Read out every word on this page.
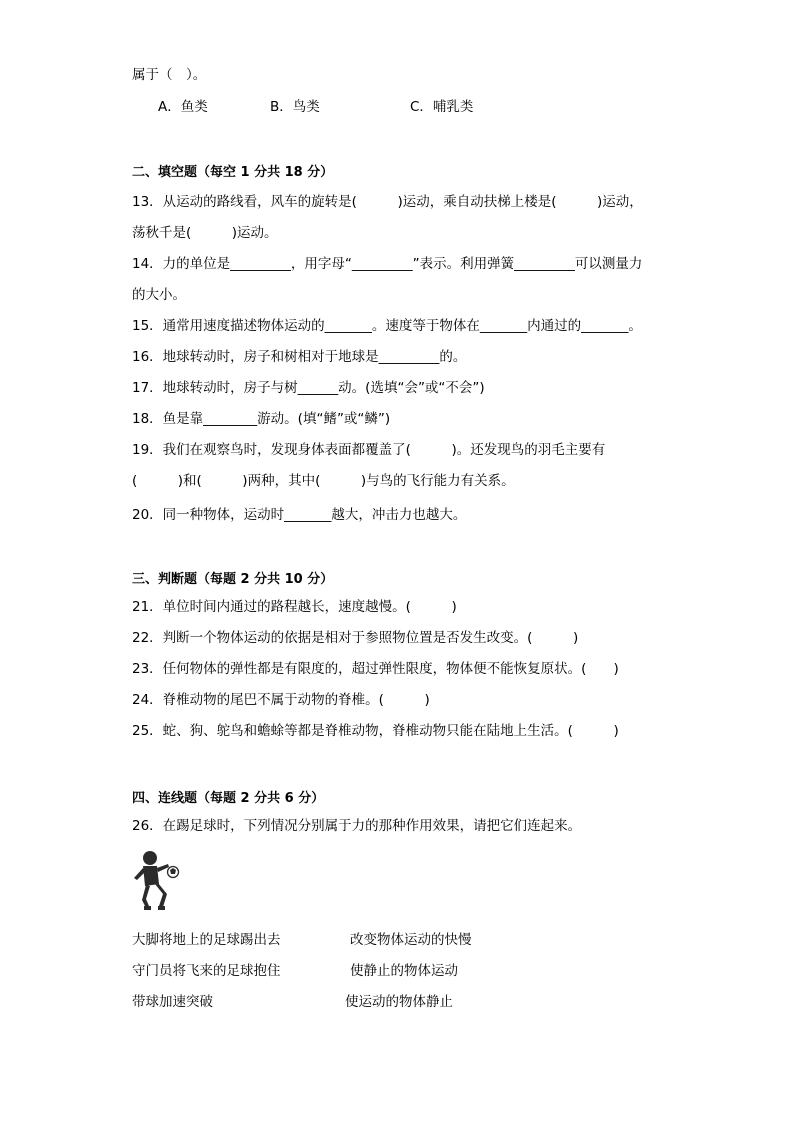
属于（　）。
A．鱼类	B．鸟类	C．哺乳类
二、填空题（每空 1 分共 18 分）
13．从运动的路线看，风车的旋转是(　　　)运动，乘自动扶梯上楼是(　　　)运动，
荡秋千是(　　　)运动。
14．力的单位是_________，用字母“_________”表示。利用弹簧_________可以测量力
的大小。
15．通常用速度描述物体运动的_______。速度等于物体在_______内通过的_______。
16．地球转动时，房子和树相对于地球是_________的。
17．地球转动时，房子与树______动。(选填“会”或“不会”)
18．鱼是靠________游动。(填“鳍”或“鳞”)
19．我们在观察鸟时，发现身体表面都覆盖了(　　　)。还发现鸟的羽毛主要有
(　　　)和(　　　)两种，其中(　　　)与鸟的飞行能力有关系。
20．同一种物体，运动时_______越大，冲击力也越大。
三、判断题（每题 2 分共 10 分）
21．单位时间内通过的路程越长，速度越慢。(　　　)
22．判断一个物体运动的依据是相对于参照物位置是否发生改变。(　　　)
23．任何物体的弹性都是有限度的，超过弹性限度，物体便不能恢复原状。(　　)
24．脊椎动物的尾巴不属于动物的脊椎。(　　　)
25．蛇、狗、鸵鸟和蟾蜍等都是脊椎动物，脊椎动物只能在陆地上生活。(　　　)
四、连线题（每题 2 分共 6 分）
26．在踢足球时，下列情况分别属于力的那种作用效果，请把它们连起来。
大脚将地上的足球踢出去
守门员将飞来的足球抱住
带球加速突破
改变物体运动的快慢
使静止的物体运动
使运动的物体静止
